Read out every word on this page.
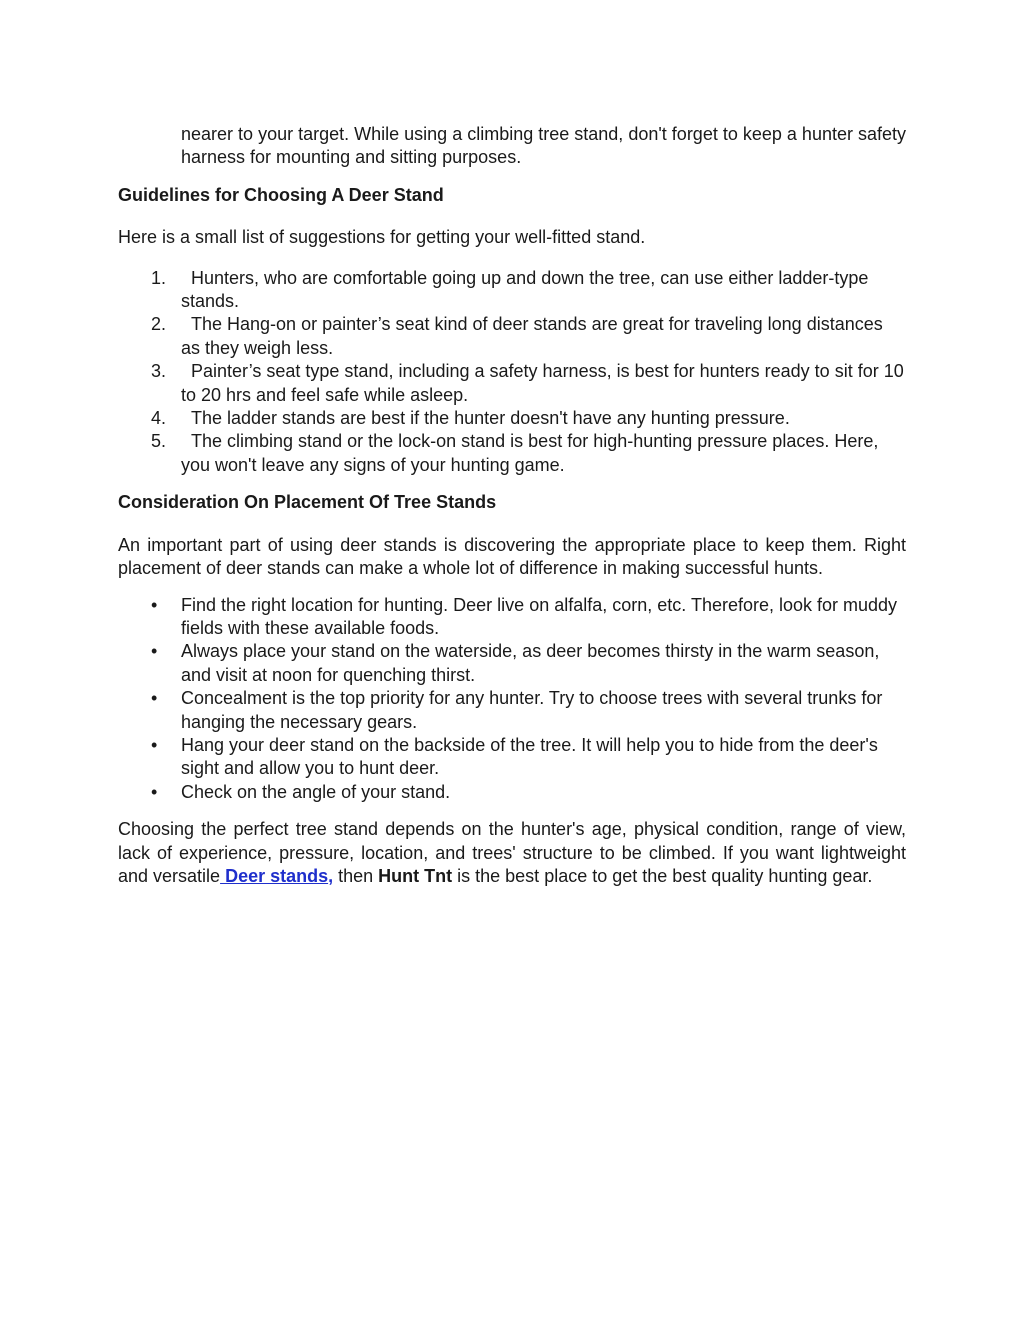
nearer to your target. While using a climbing tree stand, don't forget to keep a hunter safety harness for mounting and sitting purposes.

Guidelines for Choosing A Deer Stand

Here is a small list of suggestions for getting your well-fitted stand.

1. Hunters, who are comfortable going up and down the tree, can use either ladder-type stands.
2. The Hang-on or painter’s seat kind of deer stands are great for traveling long distances as they weigh less.
3. Painter’s seat type stand, including a safety harness, is best for hunters ready to sit for 10 to 20 hrs and feel safe while asleep.
4. The ladder stands are best if the hunter doesn't have any hunting pressure.
5. The climbing stand or the lock-on stand is best for high-hunting pressure places. Here, you won't leave any signs of your hunting game.

Consideration On Placement Of Tree Stands

An important part of using deer stands is discovering the appropriate place to keep them. Right placement of deer stands can make a whole lot of difference in making successful hunts.

• Find the right location for hunting. Deer live on alfalfa, corn, etc. Therefore, look for muddy fields with these available foods.
• Always place your stand on the waterside, as deer becomes thirsty in the warm season, and visit at noon for quenching thirst.
• Concealment is the top priority for any hunter. Try to choose trees with several trunks for hanging the necessary gears.
• Hang your deer stand on the backside of the tree. It will help you to hide from the deer's sight and allow you to hunt deer.
• Check on the angle of your stand.

Choosing the perfect tree stand depends on the hunter's age, physical condition, range of view, lack of experience, pressure, location, and trees' structure to be climbed. If you want lightweight and versatile Deer stands, then Hunt Tnt is the best place to get the best quality hunting gear.
